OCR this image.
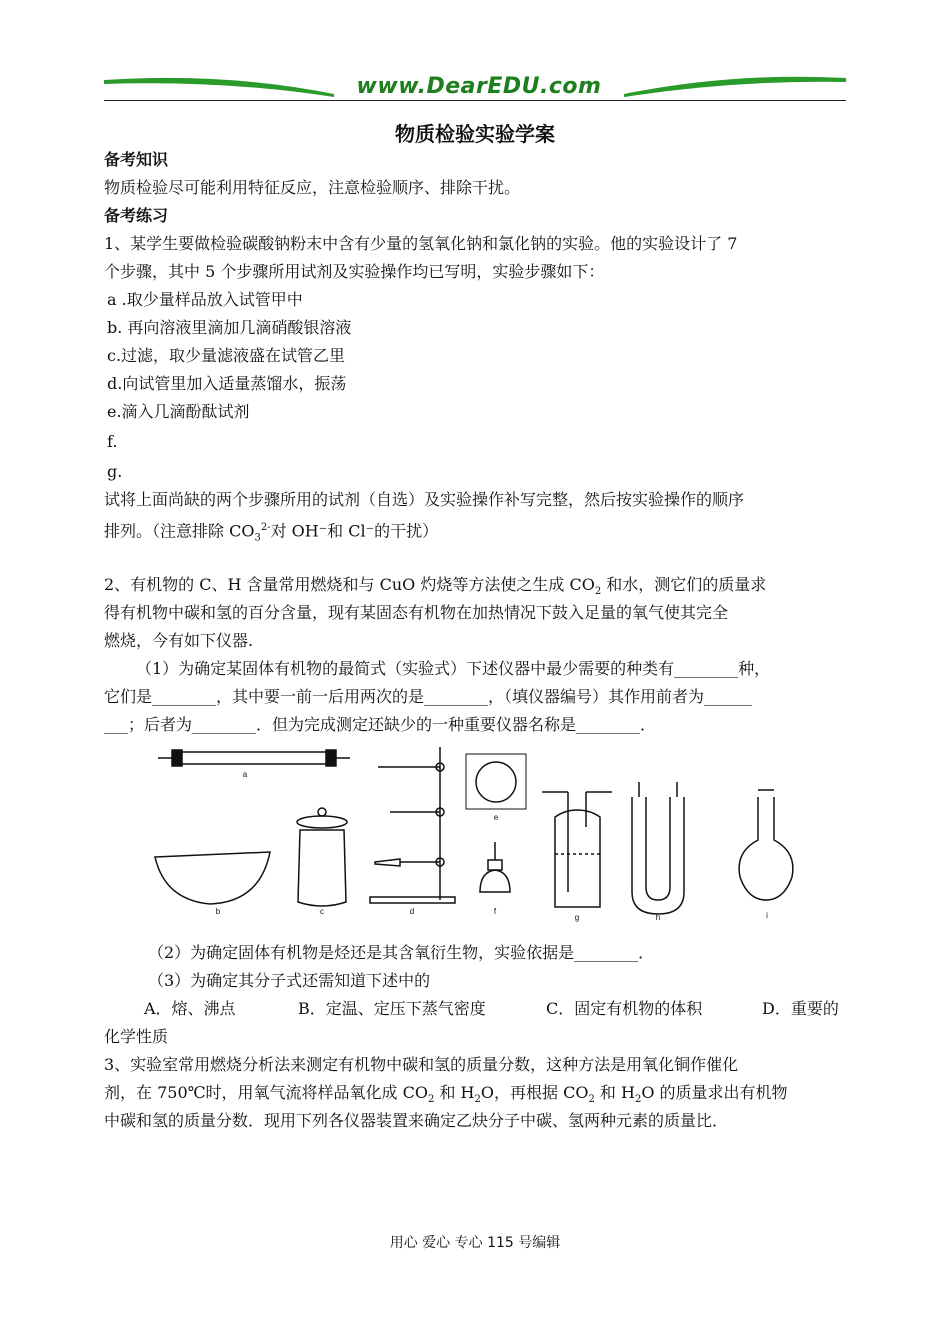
www.DearEDU.com
物质检验实验学案
备考知识
物质检验尽可能利用特征反应，注意检验顺序、排除干扰。
备考练习
1、某学生要做检验碳酸钠粉末中含有少量的氢氧化钠和氯化钠的实验。他的实验设计了 7
个步骤，其中 5 个步骤所用试剂及实验操作均已写明，实验步骤如下：
a .取少量样品放入试管甲中
b. 再向溶液里滴加几滴硝酸银溶液
c.过滤，取少量滤液盛在试管乙里
d.向试管里加入适量蒸馏水，振荡
e.滴入几滴酚酞试剂
f.
g.
试将上面尚缺的两个步骤所用的试剂（自选）及实验操作补写完整，然后按实验操作的顺序
排列。（注意排除 $CO_3^{2-}$对 OH⁻和 Cl⁻的干扰）
2、有机物的 C、H 含量常用燃烧和与 CuO 灼烧等方法使之生成 $CO_2$ 和水，测它们的质量求
得有机物中碳和氢的百分含量，现有某固态有机物在加热情况下鼓入足量的氧气使其完全
燃烧，今有如下仪器.
（1）为确定某固体有机物的最简式（实验式）下述仪器中最少需要的种类有________种，
它们是________，其中要一前一后用两次的是________，（填仪器编号）其作用前者为______
___；后者为________．但为完成测定还缺少的一种重要仪器名称是________．
a
b	c	d
e
f
g	h	i
（2）为确定固体有机物是烃还是其含氧衍生物，实验依据是________．
（3）为确定其分子式还需知道下述中的
A．熔、沸点	B．定温、定压下蒸气密度	C．固定有机物的体积	D．重要的
化学性质
3、实验室常用燃烧分析法来测定有机物中碳和氢的质量分数，这种方法是用氧化铜作催化
剂，在 750℃时，用氧气流将样品氧化成 $CO_2$ 和 $H_2O$，再根据 $CO_2$ 和 $H_2O$ 的质量求出有机物
中碳和氢的质量分数．现用下列各仪器装置来确定乙炔分子中碳、氢两种元素的质量比．
用心 爱心 专心 115 号编辑
